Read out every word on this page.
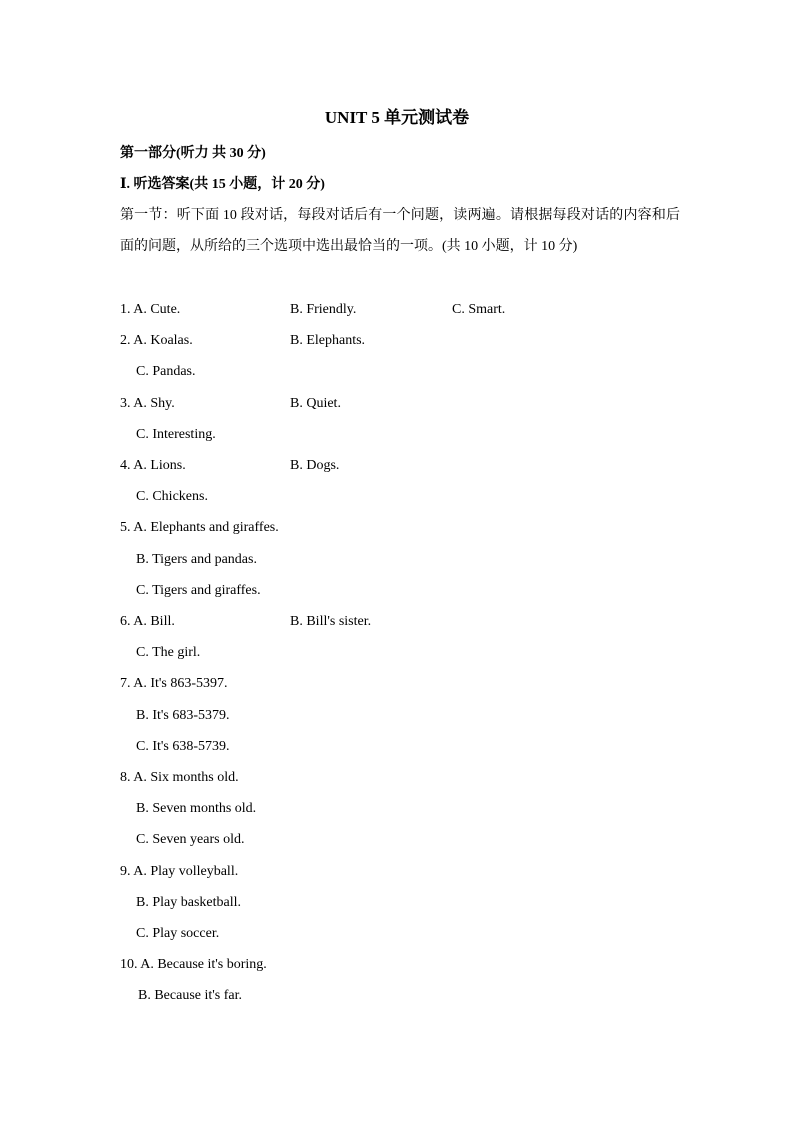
UNIT 5 单元测试卷
第一部分(听力 共 30 分)
Ⅰ. 听选答案(共 15 小题，计 20 分)
第一节：听下面 10 段对话，每段对话后有一个问题，读两遍。请根据每段对话的内容和后面的问题，从所给的三个选项中选出最恰当的一项。(共 10 小题，计 10 分)
1. A. Cute.	B. Friendly.	C. Smart.
2. A. Koalas.	B. Elephants.
C. Pandas.
3. A. Shy.	B. Quiet.
C. Interesting.
4. A. Lions.	B. Dogs.
C. Chickens.
5. A. Elephants and giraffes.
B. Tigers and pandas.
C. Tigers and giraffes.
6. A. Bill.	B. Bill's sister.
C. The girl.
7. A. It's 863-5397.
B. It's 683-5379.
C. It's 638-5739.
8. A. Six months old.
B. Seven months old.
C. Seven years old.
9. A. Play volleyball.
B. Play basketball.
C. Play soccer.
10. A. Because it's boring.
B. Because it's far.
